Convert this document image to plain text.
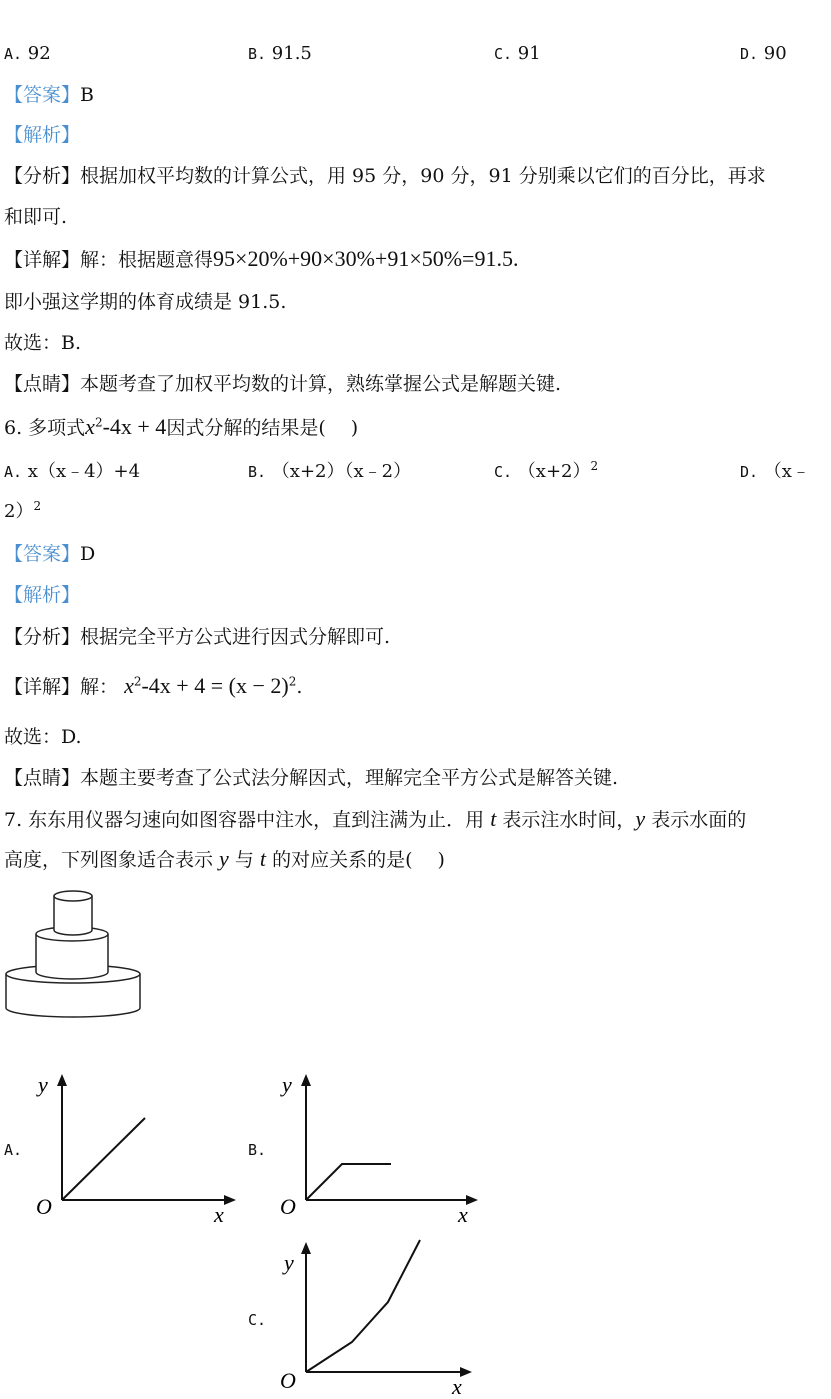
A. 92	B. 91.5	C. 91	D. 90
【答案】B
【解析】
【分析】根据加权平均数的计算公式，用 95 分，90 分，91 分别乘以它们的百分比，再求
和即可.
【详解】解：根据题意得95×20%+90×30%+91×50%=91.5.
即小强这学期的体育成绩是 91.5.
故选：B.
【点睛】本题考查了加权平均数的计算，熟练掌握公式是解题关键.
6. 多项式$x^2-4x + 4$因式分解的结果是(　 )
A. x（x﹣4）+4	B. （x+2）（x﹣2）	C. $(x+2)^2$	D. （x﹣
2）$^2$
【答案】D
【解析】
【分析】根据完全平方公式进行因式分解即可.
【详解】解： $x^2-4x + 4 = (x - 2)^2$.
故选：D.
【点睛】本题主要考查了公式法分解因式，理解完全平方公式是解答关键.
7. 东东用仪器匀速向如图容器中注水，直到注满为止．用 t 表示注水时间，y 表示水面的
高度，下列图象适合表示 y 与 t 的对应关系的是(　 )
A.
y
x
O
B.
y
x
O
C.
y
x
O
